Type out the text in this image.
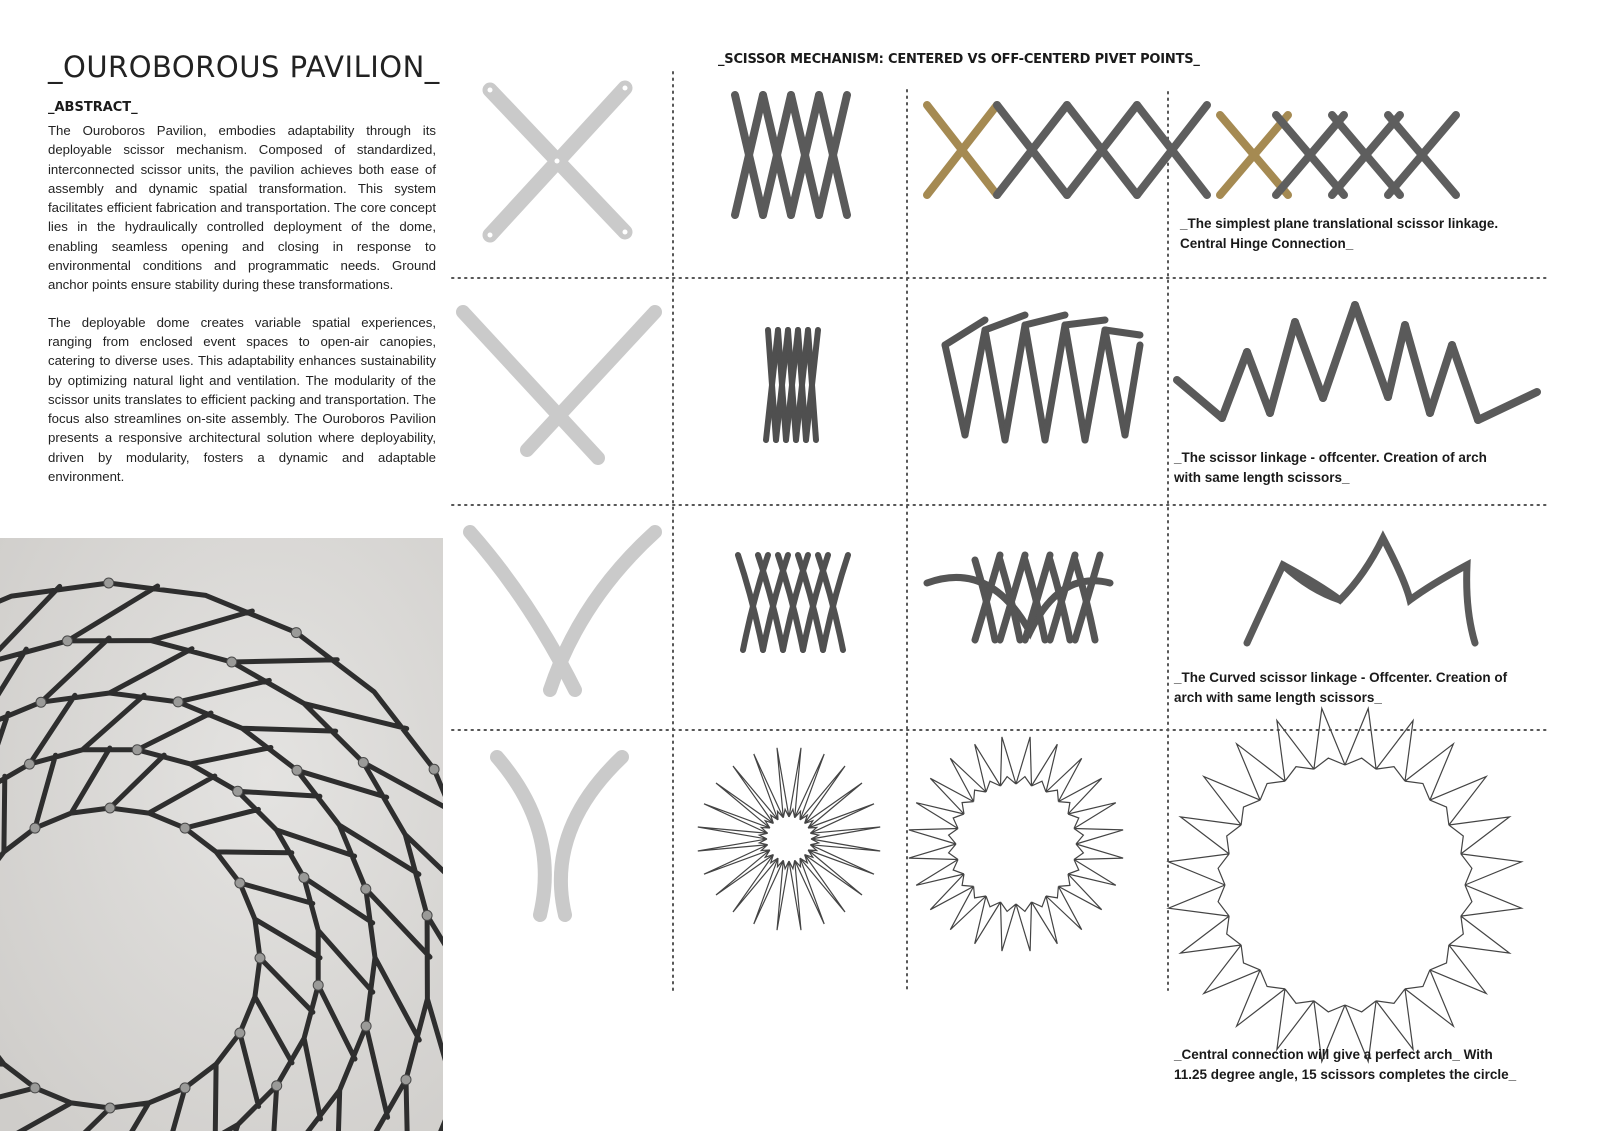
_OUROBOROUS PAVILION_
_ABSTRACT_

The Ouroboros Pavilion, embodies adaptability through its deployable scissor mechanism. Composed of standardized, interconnected scissor units, the pavilion achieves both ease of assembly and dynamic spatial transformation. This system facilitates efficient fabrication and transportation. The core concept lies in the hydraulically controlled deployment of the dome, enabling seamless opening and closing in response to environmental conditions and programmatic needs. Ground anchor points ensure stability during these transformations.

The deployable dome creates variable spatial experiences, ranging from enclosed event spaces to open-air canopies, catering to diverse uses. This adaptability enhances sustainability by optimizing natural light and ventilation. The modularity of the scissor units translates to efficient packing and transportation. The focus also streamlines on-site assembly. The Ouroboros Pavilion presents a responsive architectural solution where deployability, driven by modularity, fosters a dynamic and adaptable environment.

_SCISSOR MECHANISM: CENTERED VS OFF-CENTERD PIVET POINTS_
_The simplest plane translational scissor linkage.
Central Hinge Connection_
_The scissor linkage - offcenter. Creation of arch
with same length scissors_
_The Curved scissor linkage - Offcenter. Creation of
arch with same length scissors_
_Central connection will give a perfect arch_ With
11.25 degree angle, 15 scissors completes the circle_
